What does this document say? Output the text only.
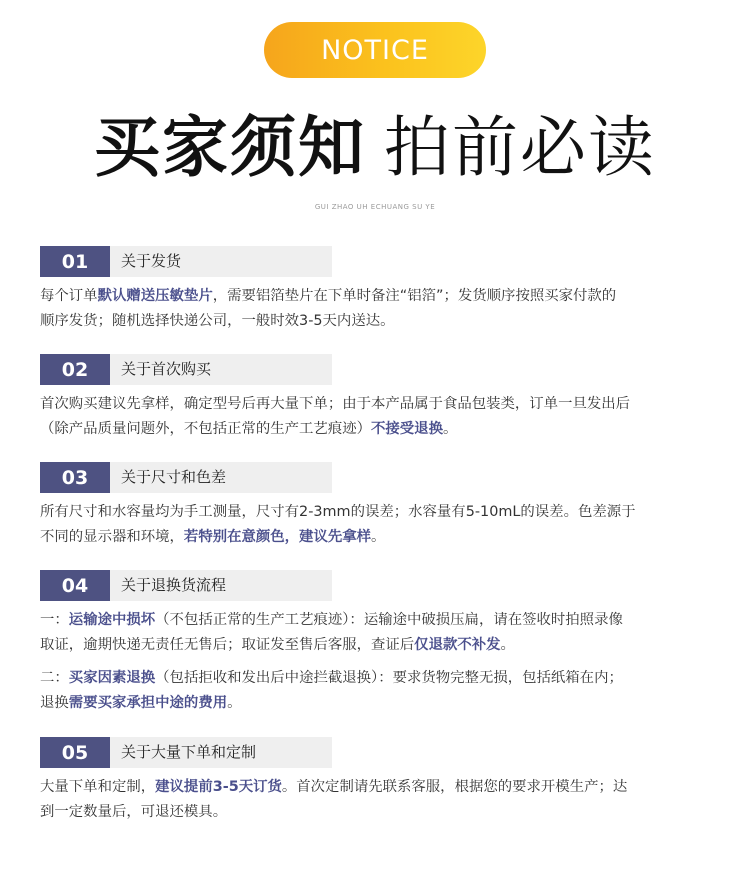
NOTICE
买家须知 拍前必读
GUI ZHAO UH ECHUANG SU YE
01	关于发货
每个订单默认赠送压敏垫片，需要铝箔垫片在下单时备注“铝箔”；发货顺序按照买家付款的
顺序发货；随机选择快递公司，一般时效3-5天内送达。
02	关于首次购买
首次购买建议先拿样，确定型号后再大量下单；由于本产品属于食品包装类，订单一旦发出后
（除产品质量问题外，不包括正常的生产工艺痕迹）不接受退换。
03	关于尺寸和色差
所有尺寸和水容量均为手工测量，尺寸有2-3mm的误差；水容量有5-10mL的误差。色差源于
不同的显示器和环境，若特别在意颜色，建议先拿样。
04	关于退换货流程
一：运输途中损坏（不包括正常的生产工艺痕迹）：运输途中破损压扁，请在签收时拍照录像
取证，逾期快递无责任无售后；取证发至售后客服，查证后仅退款不补发。
二：买家因素退换（包括拒收和发出后中途拦截退换）：要求货物完整无损，包括纸箱在内；
退换需要买家承担中途的费用。
05	关于大量下单和定制
大量下单和定制，建议提前3-5天订货。首次定制请先联系客服，根据您的要求开模生产；达
到一定数量后，可退还模具。
